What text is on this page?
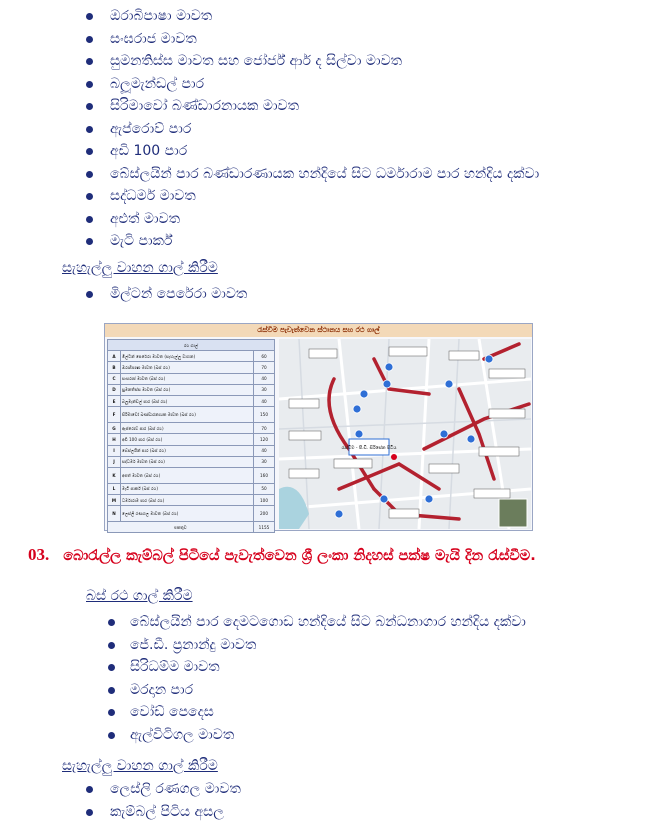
ඔරාබිපාෂා මාවත
සංඝරාජ මාවත
සුමනතිස්ස මාවත සහ ජෝර්ජ් ආර් ද සිල්වා මාවත
බලූමැන්ඩල් පාර
සිරිමාවෝ බණ්ඩාරනායක මාවත
ඇප්රොව් පාර
අඩි 100 පාර
බේස්ලයින් පාර බණ්ඩාරණායක හන්දියේ සිට ධර්මාරාම පාර හන්දිය දක්වා
සද්ධර්ම මාවත
අළුත් මාවත
මැටි පාර්ක්
සැහැල්ලු වාහන ගාල් කිරීම
මිල්ටන් පෙරේරා මාවත
රැස්වීම පැවැත්වෙන ස්ථානය සහ රථ ගාල්
රථ ගාල්		
A	මිල්ටන් පෙරේරා මාවත (සැහැල්ලු වාහන)	60
B	ඔරාබිපාෂා මාවත (බස් රථ)	70
C	සංඝරාජ මාවත (බස් රථ)	40
D	සුමනතිස්ස මාවත (බස් රථ)	30
E	බලූමැන්ඩල් පාර (බස් රථ)	40
F	සිරිමාවෝ බණ්ඩාරනායක මාවත (බස් රථ)	150
G	ඇප්රොව් පාර (බස් රථ)	70
H	අඩි 100 පාර (බස් රථ)	120
I	බේස්ලයින් පාර (බස් රථ)	40
J	සද්ධර්ම මාවත (බස් රථ)	30
K	අළුත් මාවත (බස් රථ)	160
L	මැටි පාර්ක් (බස් රථ)	50
M	ධර්මාරාම පාර (බස් රථ)	100
N	ලෙස්ලි රණගල මාවත (බස් රථ)	200
එකතුව		1155
රැස්වීම - පී.ඩී. සිරිසේන පිටිය
03. බොරැල්ල කැම්බල් පිටියේ පැවැත්වෙන ශ්‍රී ලංකා නිදහස් පක්ෂ මැයි දින රැස්වීම.
බස් රථ ගාල් කිරීම
බේස්ලයින් පාර දෙමටගොඩ හන්දියේ සිට බන්ධනාගාර හන්දිය දක්වා
ජේ.ඩී. ප්‍රනාන්දු මාවත
සිරිධම්ම මාවත
මරදාන පාර
වෝඩ් පෙදෙස
ඇල්විටිගල මාවත
සැහැල්ලු වාහන ගාල් කිරීම
ලෙස්ලි රණගල මාවත
කැම්බල් පිටිය අසල
